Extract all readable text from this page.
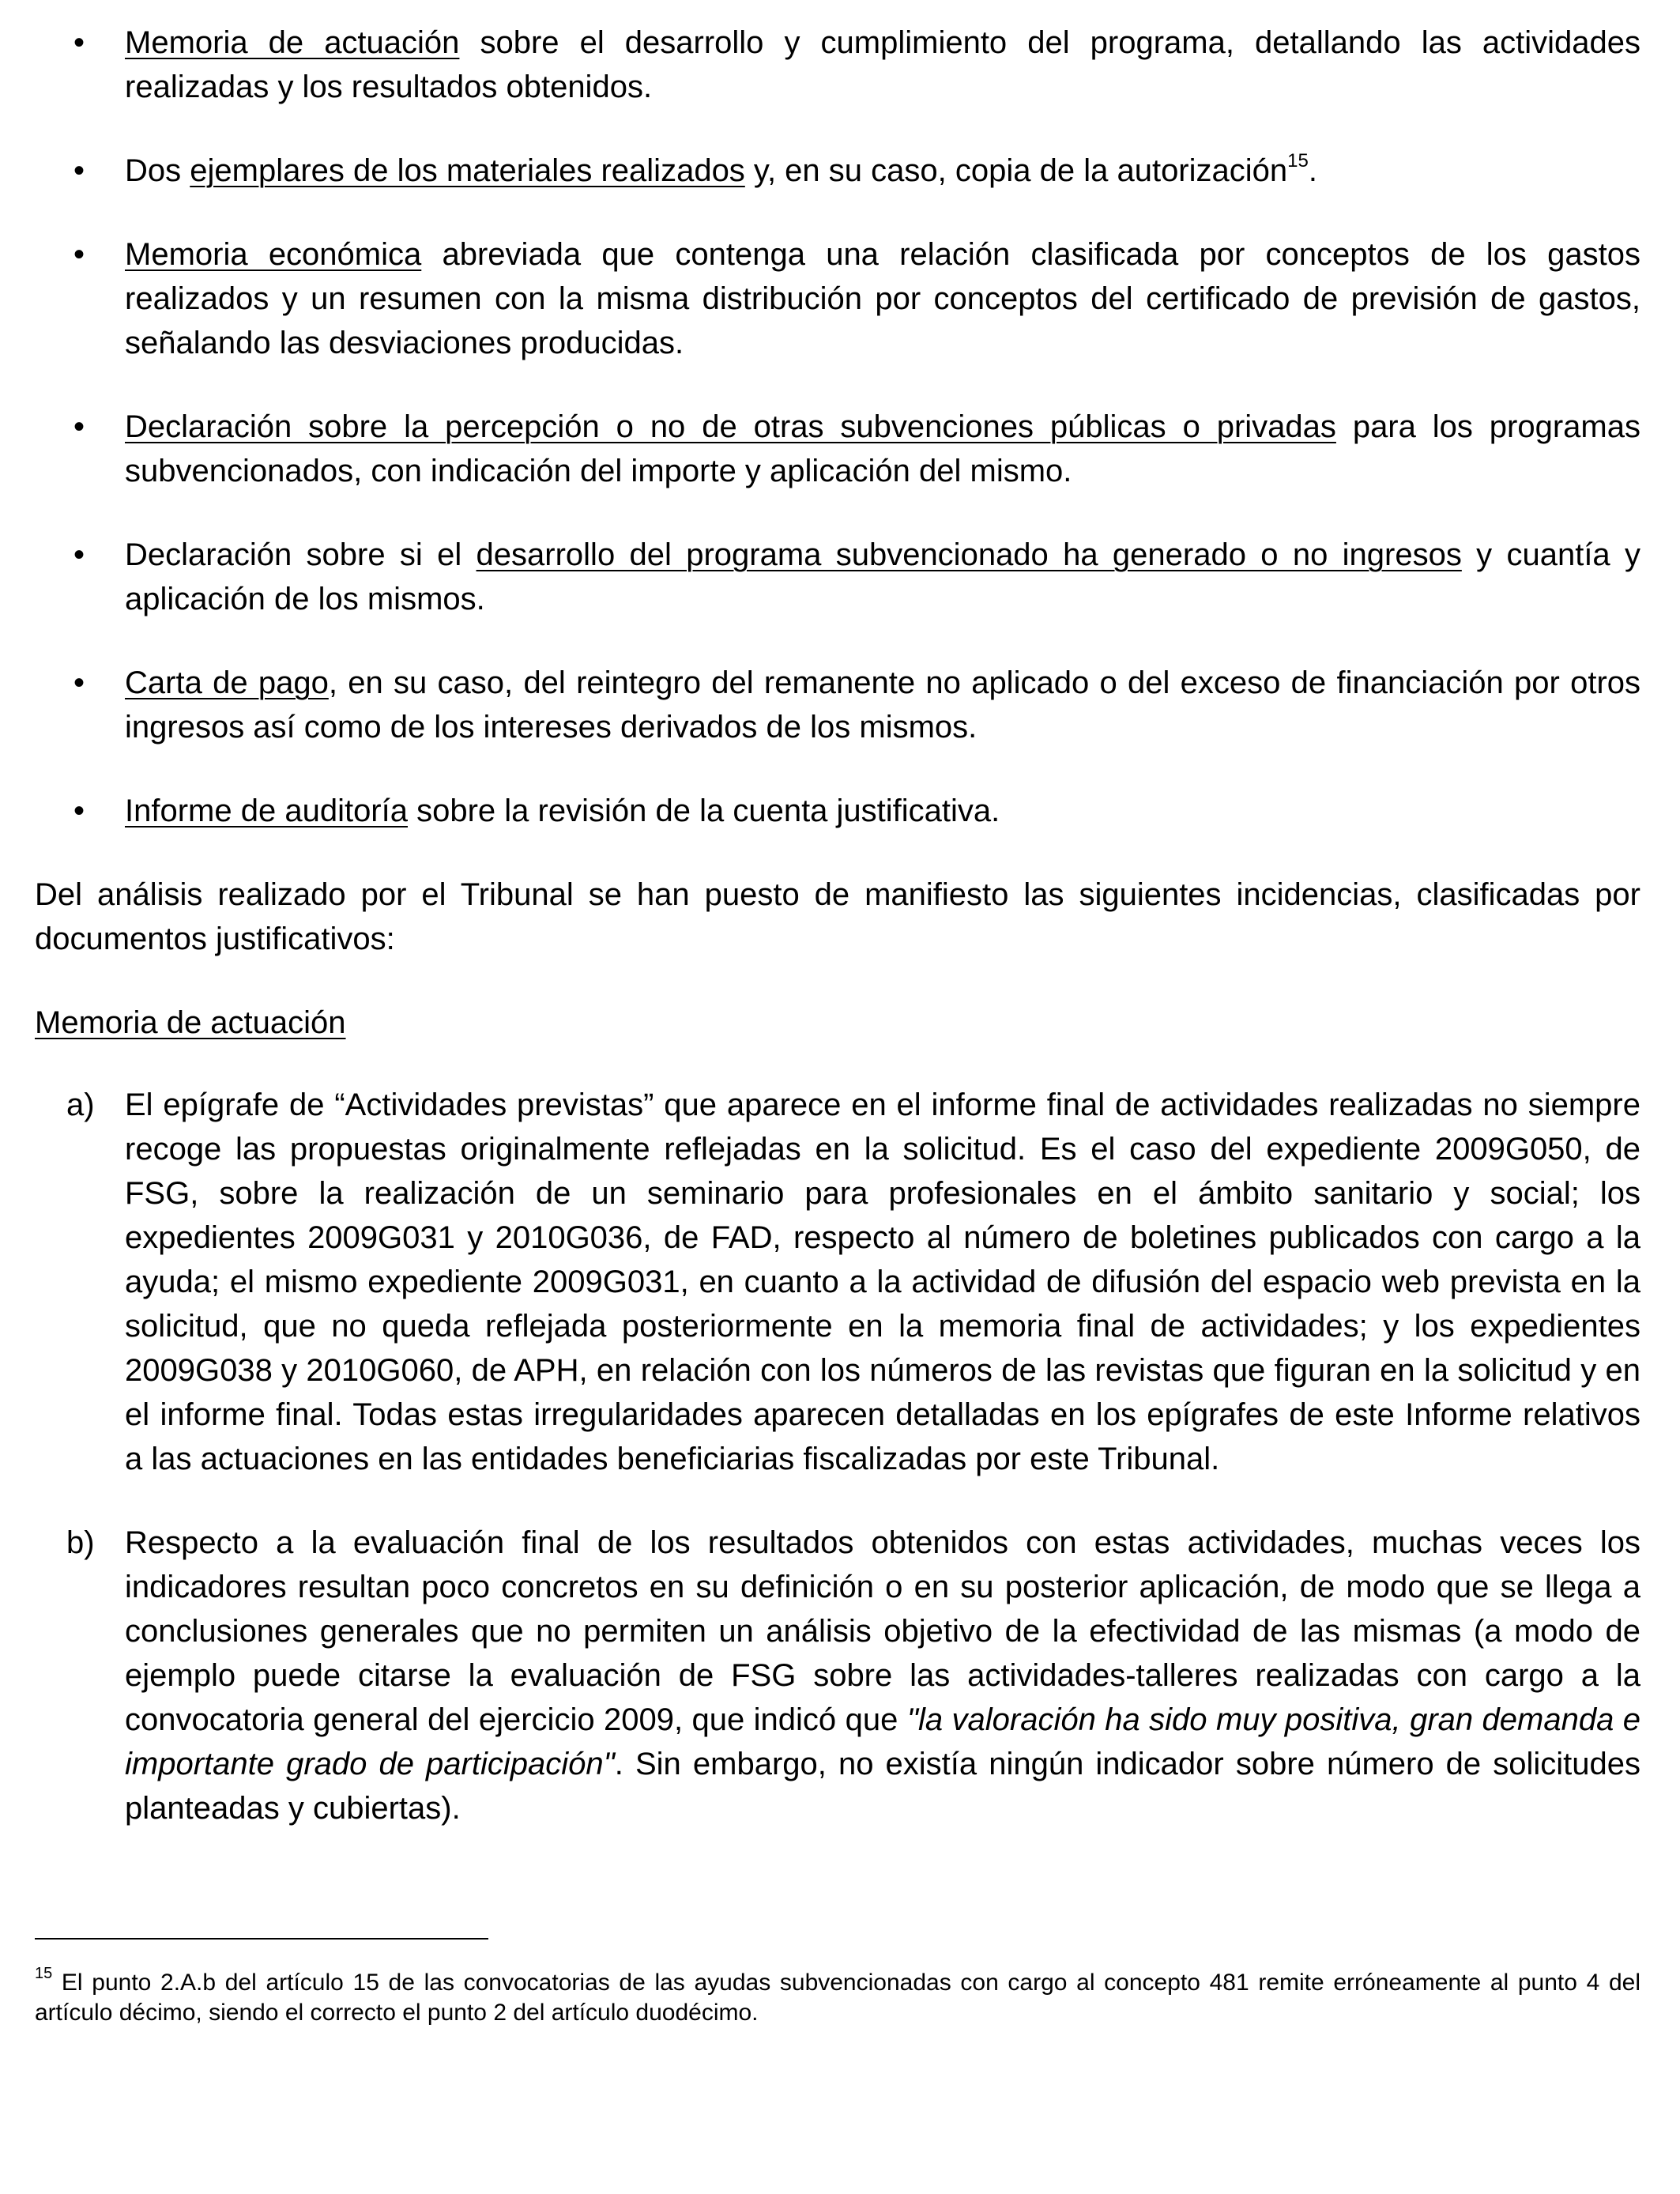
• Memoria de actuación sobre el desarrollo y cumplimiento del programa, detallando las actividades realizadas y los resultados obtenidos.
• Dos ejemplares de los materiales realizados y, en su caso, copia de la autorización$^{15}$.
• Memoria económica abreviada que contenga una relación clasificada por conceptos de los gastos realizados y un resumen con la misma distribución por conceptos del certificado de previsión de gastos, señalando las desviaciones producidas.
• Declaración sobre la percepción o no de otras subvenciones públicas o privadas para los programas subvencionados, con indicación del importe y aplicación del mismo.
• Declaración sobre si el desarrollo del programa subvencionado ha generado o no ingresos y cuantía y aplicación de los mismos.
• Carta de pago, en su caso, del reintegro del remanente no aplicado o del exceso de financiación por otros ingresos así como de los intereses derivados de los mismos.
• Informe de auditoría sobre la revisión de la cuenta justificativa.

Del análisis realizado por el Tribunal se han puesto de manifiesto las siguientes incidencias, clasificadas por documentos justificativos:

Memoria de actuación

a) El epígrafe de “Actividades previstas” que aparece en el informe final de actividades realizadas no siempre recoge las propuestas originalmente reflejadas en la solicitud. Es el caso del expediente 2009G050, de FSG, sobre la realización de un seminario para profesionales en el ámbito sanitario y social; los expedientes 2009G031 y 2010G036, de FAD, respecto al número de boletines publicados con cargo a la ayuda; el mismo expediente 2009G031, en cuanto a la actividad de difusión del espacio web prevista en la solicitud, que no queda reflejada posteriormente en la memoria final de actividades; y los expedientes 2009G038 y 2010G060, de APH, en relación con los números de las revistas que figuran en la solicitud y en el informe final. Todas estas irregularidades aparecen detalladas en los epígrafes de este Informe relativos a las actuaciones en las entidades beneficiarias fiscalizadas por este Tribunal.
b) Respecto a la evaluación final de los resultados obtenidos con estas actividades, muchas veces los indicadores resultan poco concretos en su definición o en su posterior aplicación, de modo que se llega a conclusiones generales que no permiten un análisis objetivo de la efectividad de las mismas (a modo de ejemplo puede citarse la evaluación de FSG sobre las actividades-talleres realizadas con cargo a la convocatoria general del ejercicio 2009, que indicó que "la valoración ha sido muy positiva, gran demanda e importante grado de participación". Sin embargo, no existía ningún indicador sobre número de solicitudes planteadas y cubiertas).
$^{15}$ El punto 2.A.b del artículo 15 de las convocatorias de las ayudas subvencionadas con cargo al concepto 481 remite erróneamente al punto 4 del artículo décimo, siendo el correcto el punto 2 del artículo duodécimo.
